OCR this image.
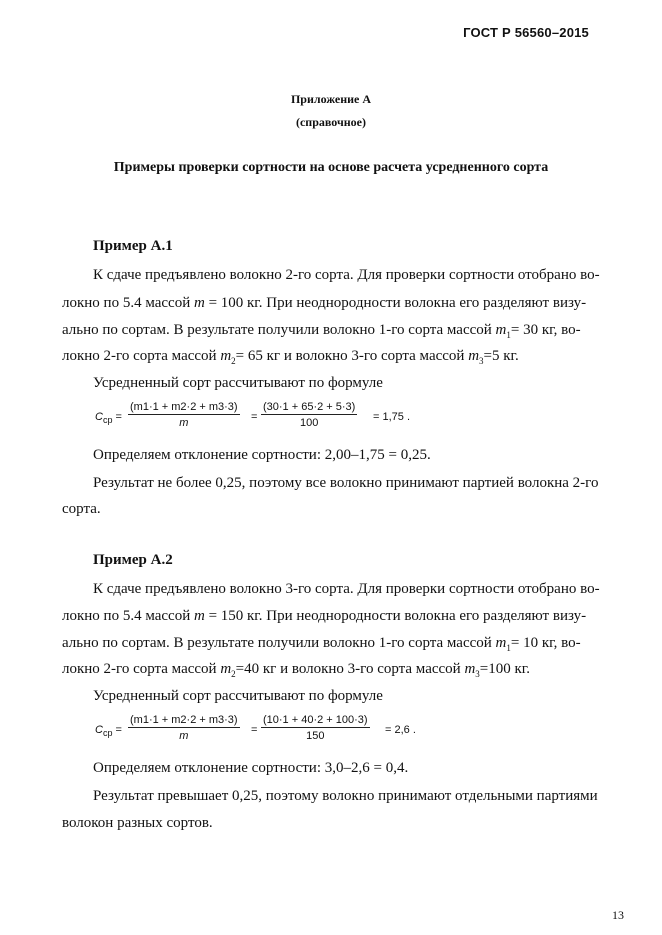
ГОСТ Р 56560–2015
Приложение А
(справочное)
Примеры проверки сортности на основе расчета усредненного сорта
Пример А.1
К сдаче предъявлено волокно 2-го сорта. Для проверки сортности отобрано во-
локно по 5.4 массой m = 100 кг. При неоднородности волокна его разделяют визу-
ально по сортам. В результате получили волокно 1-го сорта массой $m_1= 30$ кг, во-
локно 2-го сорта массой $m_2= 65$ кг и волокно 3-го сорта массой $m_3=5$ кг.
Усредненный сорт рассчитывают по формуле
$C_{ср} = \frac{(m1\cdot 1 + m2\cdot 2 + m3\cdot 3)}{m} = \frac{(30\cdot 1 + 65\cdot 2 + 5\cdot 3)}{100} = 1,75$ .
Определяем отклонение сортности: 2,00–1,75 = 0,25.
Результат не более 0,25, поэтому все волокно принимают партией волокна 2-го
сорта.
Пример А.2
К сдаче предъявлено волокно 3-го сорта. Для проверки сортности отобрано во-
локно по 5.4 массой m = 150 кг. При неоднородности волокна его разделяют визу-
ально по сортам. В результате получили волокно 1-го сорта массой $m_1= 10$ кг, во-
локно 2-го сорта массой $m_2=40$ кг и волокно 3-го сорта массой $m_3=100$ кг.
Усредненный сорт рассчитывают по формуле
$C_{ср} = \frac{(m1\cdot 1 + m2\cdot 2 + m3\cdot 3)}{m} = \frac{(10\cdot 1 + 40\cdot 2 + 100\cdot 3)}{150} = 2,6$ .
Определяем отклонение сортности: 3,0–2,6 = 0,4.
Результат превышает 0,25, поэтому волокно принимают отдельными партиями
волокон разных сортов.
13
